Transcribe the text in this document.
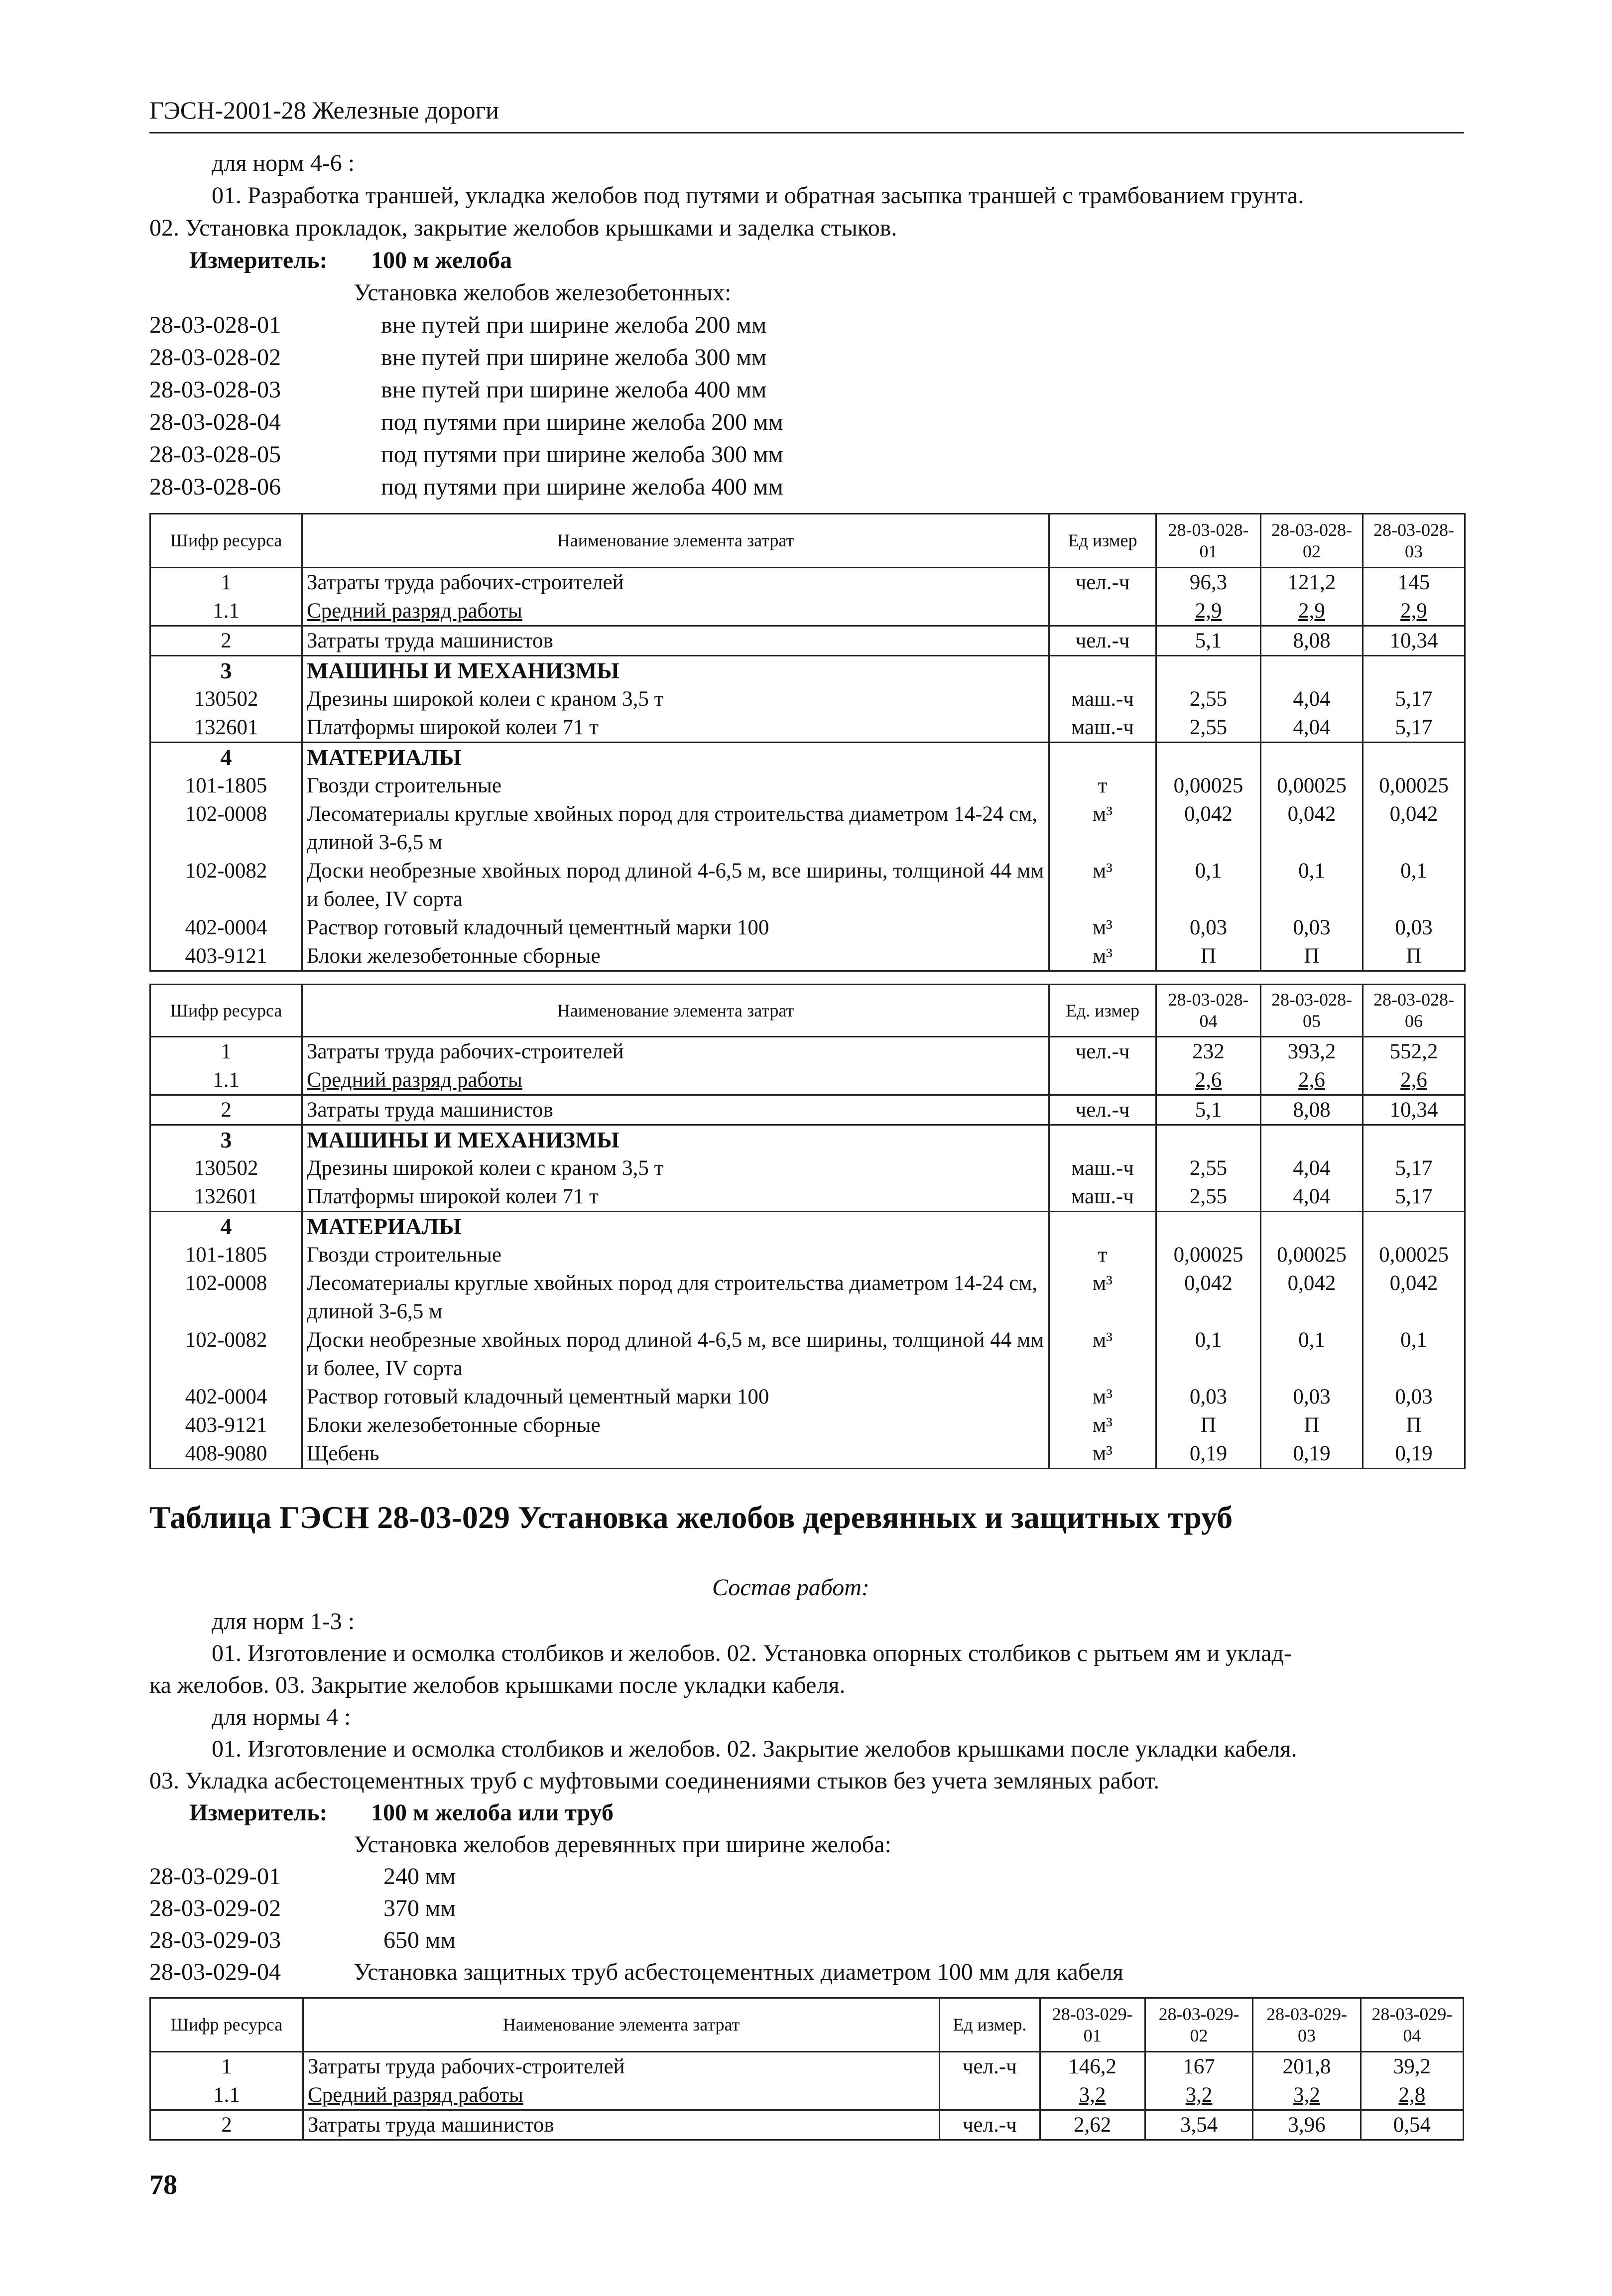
ГЭСН-2001-28 Железные дороги
для норм 4-6 :
01. Разработка траншей, укладка желобов под путями и обратная засыпка траншей с трамбованием грунта.
02. Установка прокладок, закрытие желобов крышками и заделка стыков.
Измеритель: 100 м желоба
Установка желобов железобетонных:
28-03-028-01	вне путей при ширине желоба 200 мм
28-03-028-02	вне путей при ширине желоба 300 мм
28-03-028-03	вне путей при ширине желоба 400 мм
28-03-028-04	под путями при ширине желоба 200 мм
28-03-028-05	под путями при ширине желоба 300 мм
28-03-028-06	под путями при ширине желоба 400 мм
Шифр ресурса	Наименование элемента затрат	Ед измер	28-03-028-01	28-03-028-02	28-03-028-03
1	Затраты труда рабочих-строителей	чел.-ч	96,3	121,2	145
1.1	Средний разряд работы		2,9	2,9	2,9
2	Затраты труда машинистов	чел.-ч	5,1	8,08	10,34
3	МАШИНЫ И МЕХАНИЗМЫ				
130502	Дрезины широкой колеи с краном 3,5 т	маш.-ч	2,55	4,04	5,17
132601	Платформы широкой колеи 71 т	маш.-ч	2,55	4,04	5,17
4	МАТЕРИАЛЫ				
101-1805	Гвозди строительные	т	0,00025	0,00025	0,00025
102-0008	Лесоматериалы круглые хвойных пород для строительства диаметром 14-24 см, длиной 3-6,5 м	м³	0,042	0,042	0,042
102-0082	Доски необрезные хвойных пород длиной 4-6,5 м, все ширины, толщиной 44 мм и более, IV сорта	м³	0,1	0,1	0,1
402-0004	Раствор готовый кладочный цементный марки 100	м³	0,03	0,03	0,03
403-9121	Блоки железобетонные сборные	м³	П	П	П
Шифр ресурса	Наименование элемента затрат	Ед. измер	28-03-028-04	28-03-028-05	28-03-028-06
1	Затраты труда рабочих-строителей	чел.-ч	232	393,2	552,2
1.1	Средний разряд работы		2,6	2,6	2,6
2	Затраты труда машинистов	чел.-ч	5,1	8,08	10,34
3	МАШИНЫ И МЕХАНИЗМЫ				
130502	Дрезины широкой колеи с краном 3,5 т	маш.-ч	2,55	4,04	5,17
132601	Платформы широкой колеи 71 т	маш.-ч	2,55	4,04	5,17
4	МАТЕРИАЛЫ				
101-1805	Гвозди строительные	т	0,00025	0,00025	0,00025
102-0008	Лесоматериалы круглые хвойных пород для строительства диаметром 14-24 см, длиной 3-6,5 м	м³	0,042	0,042	0,042
102-0082	Доски необрезные хвойных пород длиной 4-6,5 м, все ширины, толщиной 44 мм и более, IV сорта	м³	0,1	0,1	0,1
402-0004	Раствор готовый кладочный цементный марки 100	м³	0,03	0,03	0,03
403-9121	Блоки железобетонные сборные	м³	П	П	П
408-9080	Щебень	м³	0,19	0,19	0,19
Таблица ГЭСН 28-03-029 Установка желобов деревянных и защитных труб
Состав работ:
для норм 1-3 :
01. Изготовление и осмолка столбиков и желобов. 02. Установка опорных столбиков с рытьем ям и уклад-
ка желобов. 03. Закрытие желобов крышками после укладки кабеля.
для нормы 4 :
01. Изготовление и осмолка столбиков и желобов. 02. Закрытие желобов крышками после укладки кабеля.
03. Укладка асбестоцементных труб с муфтовыми соединениями стыков без учета земляных работ.
Измеритель: 100 м желоба или труб
Установка желобов деревянных при ширине желоба:
28-03-029-01	240 мм
28-03-029-02	370 мм
28-03-029-03	650 мм
28-03-029-04	Установка защитных труб асбестоцементных диаметром 100 мм для кабеля
Шифр ресурса	Наименование элемента затрат	Ед измер.	28-03-029-01	28-03-029-02	28-03-029-03	28-03-029-04
1	Затраты труда рабочих-строителей	чел.-ч	146,2	167	201,8	39,2
1.1	Средний разряд работы		3,2	3,2	3,2	2,8
2	Затраты труда машинистов	чел.-ч	2,62	3,54	3,96	0,54
78
